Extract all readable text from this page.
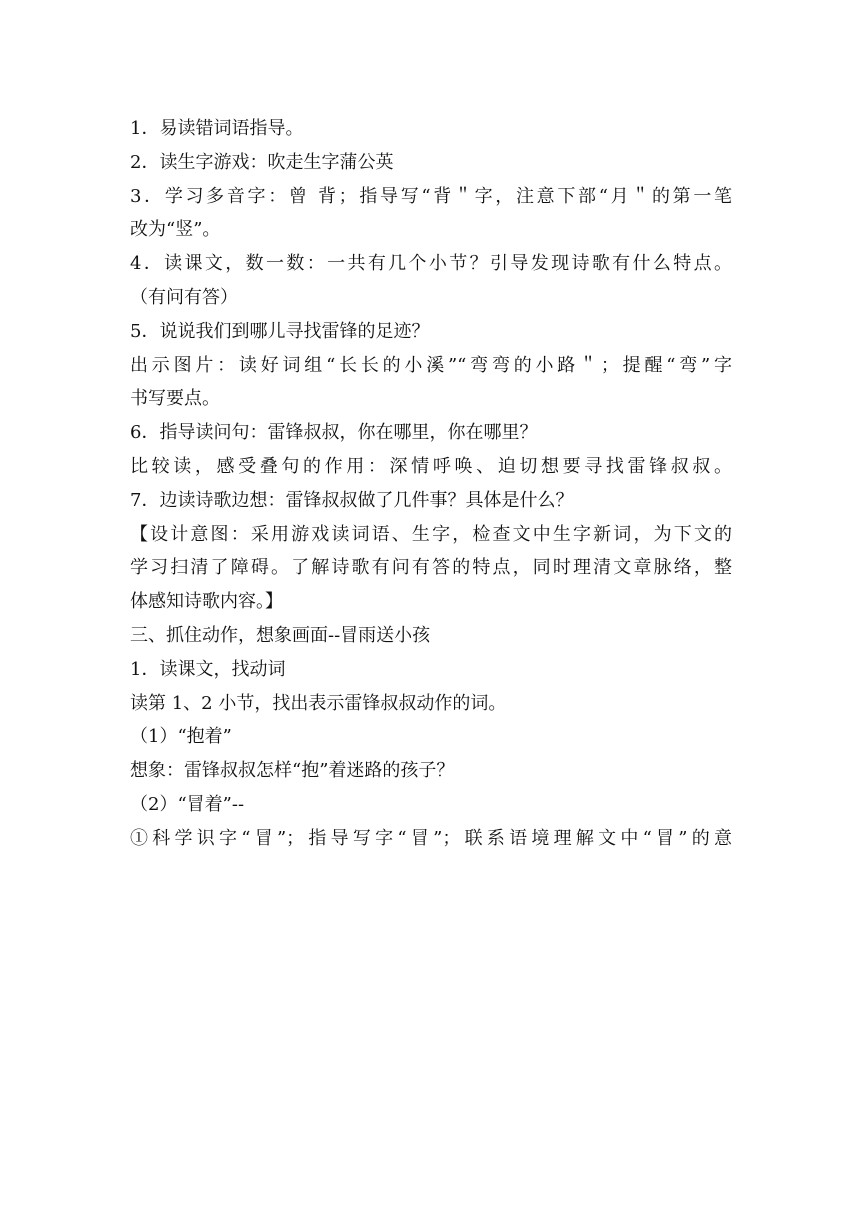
1．易读错词语指导。
2．读生字游戏：吹走生字蒲公英
3．学习多音字：曾 背；指导写“背＂字，注意下部“月＂的第一笔
改为“竖”。
4．读课文，数一数：一共有几个小节？引导发现诗歌有什么特点。
（有问有答）
5．说说我们到哪儿寻找雷锋的足迹？
出示图片：读好词组“长长的小溪”“弯弯的小路＂；提醒“弯”字
书写要点。
6．指导读问句：雷锋叔叔，你在哪里，你在哪里？
比较读，感受叠句的作用：深情呼唤、迫切想要寻找雷锋叔叔。
7．边读诗歌边想：雷锋叔叔做了几件事？具体是什么？
【设计意图：采用游戏读词语、生字，检查文中生字新词，为下文的
学习扫清了障碍。了解诗歌有问有答的特点，同时理清文章脉络，整
体感知诗歌内容。】
三、抓住动作，想象画面--冒雨送小孩
1．读课文，找动词
读第 1、2 小节，找出表示雷锋叔叔动作的词。
（1）“抱着”
想象：雷锋叔叔怎样“抱”着迷路的孩子？
（2）“冒着”--
①科学识字“冒”；指导写字“冒”；联系语境理解文中“冒”的意
